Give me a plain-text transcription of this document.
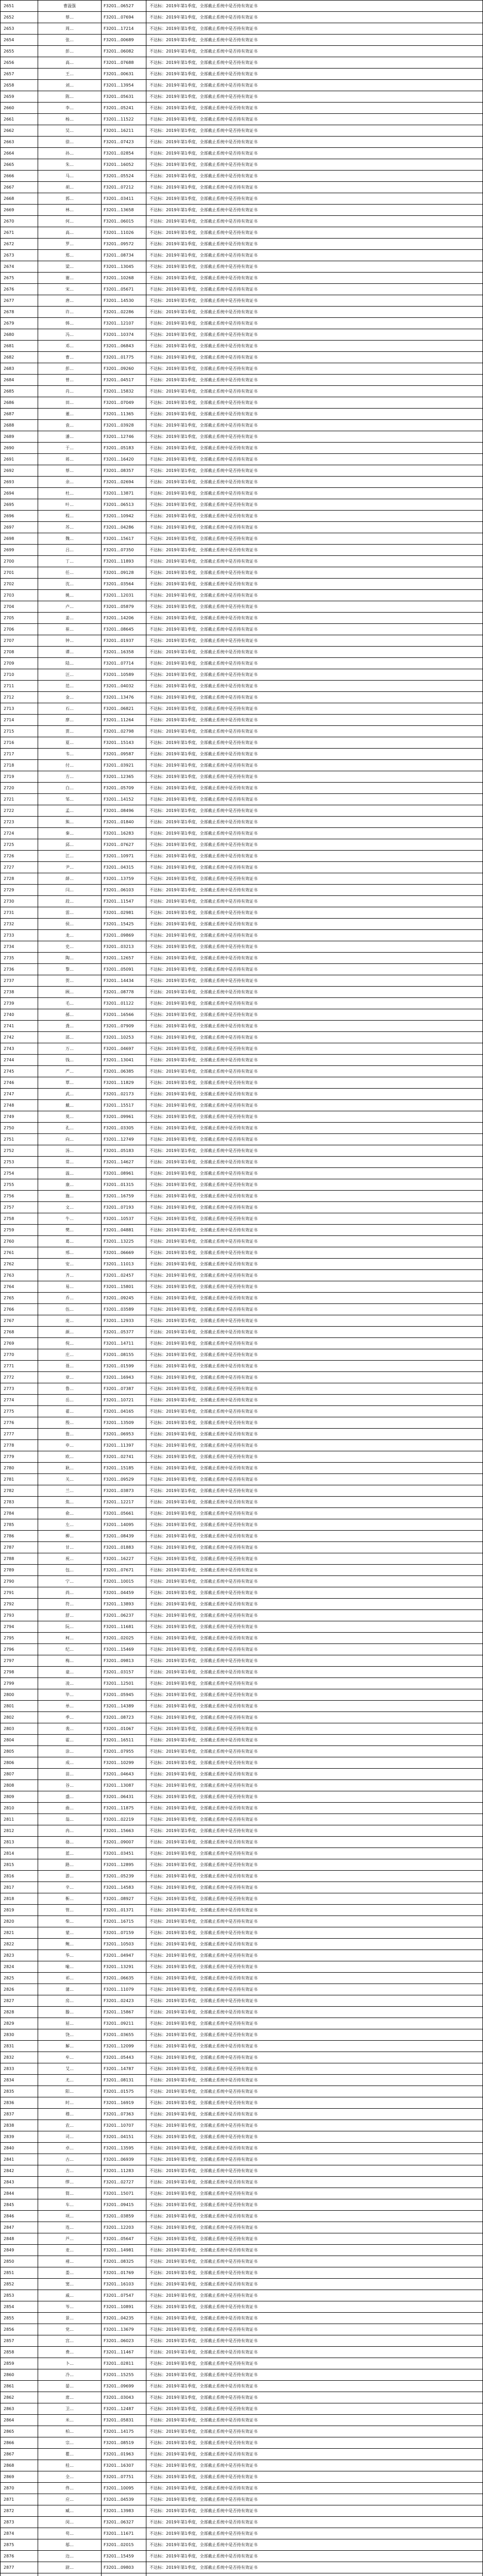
2651	曹温强	F3201…06527	不达标：2019年第1季度，全部截止系统中是否持有效证书
2652	蔡…	F3201…07694	不达标：2019年第1季度，全部截止系统中是否持有效证书
2653	周…	F3201…17214	不达标：2019年第1季度，全部截止系统中是否持有效证书
2654	张…	F3201…00689	不达标：2019年第1季度，全部截止系统中是否持有效证书
2655	彭…	F3201…06082	不达标：2019年第1季度，全部截止系统中是否持有效证书
2656	高…	F3201…07688	不达标：2019年第1季度，全部截止系统中是否持有效证书
2657	王…	F3201…00631	不达标：2019年第1季度，全部截止系统中是否持有效证书
2658	刘…	F3201…13954	不达标：2019年第1季度，全部截止系统中是否持有效证书
2659	陈…	F3201…05631	不达标：2019年第1季度，全部截止系统中是否持有效证书
2660	李…	F3201…05241	不达标：2019年第1季度，全部截止系统中是否持有效证书
2661	杨…	F3201…11522	不达标：2019年第1季度，全部截止系统中是否持有效证书
2662	吴…	F3201…16211	不达标：2019年第1季度，全部截止系统中是否持有效证书
2663	徐…	F3201…07423	不达标：2019年第1季度，全部截止系统中是否持有效证书
2664	孙…	F3201…02854	不达标：2019年第1季度，全部截止系统中是否持有效证书
2665	朱…	F3201…16052	不达标：2019年第1季度，全部截止系统中是否持有效证书
2666	马…	F3201…05524	不达标：2019年第1季度，全部截止系统中是否持有效证书
2667	胡…	F3201…07212	不达标：2019年第1季度，全部截止系统中是否持有效证书
2668	郭…	F3201…03411	不达标：2019年第1季度，全部截止系统中是否持有效证书
2669	林…	F3201…13658	不达标：2019年第1季度，全部截止系统中是否持有效证书
2670	何…	F3201…06015	不达标：2019年第1季度，全部截止系统中是否持有效证书
2671	高…	F3201…11026	不达标：2019年第1季度，全部截止系统中是否持有效证书
2672	罗…	F3201…09572	不达标：2019年第1季度，全部截止系统中是否持有效证书
2673	郑…	F3201…08734	不达标：2019年第1季度，全部截止系统中是否持有效证书
2674	梁…	F3201…13045	不达标：2019年第1季度，全部截止系统中是否持有效证书
2675	谢…	F3201…10268	不达标：2019年第1季度，全部截止系统中是否持有效证书
2676	宋…	F3201…05671	不达标：2019年第1季度，全部截止系统中是否持有效证书
2677	唐…	F3201…14530	不达标：2019年第1季度，全部截止系统中是否持有效证书
2678	许…	F3201…02286	不达标：2019年第1季度，全部截止系统中是否持有效证书
2679	韩…	F3201…12107	不达标：2019年第1季度，全部截止系统中是否持有效证书
2680	冯…	F3201…10374	不达标：2019年第1季度，全部截止系统中是否持有效证书
2681	邓…	F3201…06843	不达标：2019年第1季度，全部截止系统中是否持有效证书
2682	曹…	F3201…01775	不达标：2019年第1季度，全部截止系统中是否持有效证书
2683	彭…	F3201…09260	不达标：2019年第1季度，全部截止系统中是否持有效证书
2684	曾…	F3201…04517	不达标：2019年第1季度，全部截止系统中是否持有效证书
2685	肖…	F3201…15832	不达标：2019年第1季度，全部截止系统中是否持有效证书
2686	田…	F3201…07049	不达标：2019年第1季度，全部截止系统中是否持有效证书
2687	董…	F3201…11365	不达标：2019年第1季度，全部截止系统中是否持有效证书
2688	袁…	F3201…03928	不达标：2019年第1季度，全部截止系统中是否持有效证书
2689	潘…	F3201…12746	不达标：2019年第1季度，全部截止系统中是否持有效证书
2690	于…	F3201…05183	不达标：2019年第1季度，全部截止系统中是否持有效证书
2691	蒋…	F3201…16420	不达标：2019年第1季度，全部截止系统中是否持有效证书
2692	蔡…	F3201…08357	不达标：2019年第1季度，全部截止系统中是否持有效证书
2693	余…	F3201…02694	不达标：2019年第1季度，全部截止系统中是否持有效证书
2694	杜…	F3201…13871	不达标：2019年第1季度，全部截止系统中是否持有效证书
2695	叶…	F3201…06513	不达标：2019年第1季度，全部截止系统中是否持有效证书
2696	程…	F3201…10942	不达标：2019年第1季度，全部截止系统中是否持有效证书
2697	苏…	F3201…04286	不达标：2019年第1季度，全部截止系统中是否持有效证书
2698	魏…	F3201…15617	不达标：2019年第1季度，全部截止系统中是否持有效证书
2699	吕…	F3201…07350	不达标：2019年第1季度，全部截止系统中是否持有效证书
2700	丁…	F3201…11893	不达标：2019年第1季度，全部截止系统中是否持有效证书
2701	任…	F3201…09128	不达标：2019年第1季度，全部截止系统中是否持有效证书
2702	沈…	F3201…03564	不达标：2019年第1季度，全部截止系统中是否持有效证书
2703	姚…	F3201…12031	不达标：2019年第1季度，全部截止系统中是否持有效证书
2704	卢…	F3201…05879	不达标：2019年第1季度，全部截止系统中是否持有效证书
2705	姜…	F3201…14206	不达标：2019年第1季度，全部截止系统中是否持有效证书
2706	崔…	F3201…08645	不达标：2019年第1季度，全部截止系统中是否持有效证书
2707	钟…	F3201…01937	不达标：2019年第1季度，全部截止系统中是否持有效证书
2708	谭…	F3201…16358	不达标：2019年第1季度，全部截止系统中是否持有效证书
2709	陆…	F3201…07714	不达标：2019年第1季度，全部截止系统中是否持有效证书
2710	汪…	F3201…10589	不达标：2019年第1季度，全部截止系统中是否持有效证书
2711	范…	F3201…04032	不达标：2019年第1季度，全部截止系统中是否持有效证书
2712	金…	F3201…13476	不达标：2019年第1季度，全部截止系统中是否持有效证书
2713	石…	F3201…06821	不达标：2019年第1季度，全部截止系统中是否持有效证书
2714	廖…	F3201…11264	不达标：2019年第1季度，全部截止系统中是否持有效证书
2715	贾…	F3201…02798	不达标：2019年第1季度，全部截止系统中是否持有效证书
2716	夏…	F3201…15143	不达标：2019年第1季度，全部截止系统中是否持有效证书
2717	韦…	F3201…09587	不达标：2019年第1季度，全部截止系统中是否持有效证书
2718	付…	F3201…03921	不达标：2019年第1季度，全部截止系统中是否持有效证书
2719	方…	F3201…12365	不达标：2019年第1季度，全部截止系统中是否持有效证书
2720	白…	F3201…05709	不达标：2019年第1季度，全部截止系统中是否持有效证书
2721	邹…	F3201…14152	不达标：2019年第1季度，全部截止系统中是否持有效证书
2722	孟…	F3201…08496	不达标：2019年第1季度，全部截止系统中是否持有效证书
2723	熊…	F3201…01840	不达标：2019年第1季度，全部截止系统中是否持有效证书
2724	秦…	F3201…16283	不达标：2019年第1季度，全部截止系统中是否持有效证书
2725	邱…	F3201…07627	不达标：2019年第1季度，全部截止系统中是否持有效证书
2726	江…	F3201…10971	不达标：2019年第1季度，全部截止系统中是否持有效证书
2727	尹…	F3201…04315	不达标：2019年第1季度，全部截止系统中是否持有效证书
2728	薛…	F3201…13759	不达标：2019年第1季度，全部截止系统中是否持有效证书
2729	闫…	F3201…06103	不达标：2019年第1季度，全部截止系统中是否持有效证书
2730	段…	F3201…11547	不达标：2019年第1季度，全部截止系统中是否持有效证书
2731	雷…	F3201…02981	不达标：2019年第1季度，全部截止系统中是否持有效证书
2732	侯…	F3201…15425	不达标：2019年第1季度，全部截止系统中是否持有效证书
2733	龙…	F3201…09869	不达标：2019年第1季度，全部截止系统中是否持有效证书
2734	史…	F3201…03213	不达标：2019年第1季度，全部截止系统中是否持有效证书
2735	陶…	F3201…12657	不达标：2019年第1季度，全部截止系统中是否持有效证书
2736	黎…	F3201…05091	不达标：2019年第1季度，全部截止系统中是否持有效证书
2737	贺…	F3201…14434	不达标：2019年第1季度，全部截止系统中是否持有效证书
2738	顾…	F3201…08778	不达标：2019年第1季度，全部截止系统中是否持有效证书
2739	毛…	F3201…01122	不达标：2019年第1季度，全部截止系统中是否持有效证书
2740	郝…	F3201…16566	不达标：2019年第1季度，全部截止系统中是否持有效证书
2741	龚…	F3201…07909	不达标：2019年第1季度，全部截止系统中是否持有效证书
2742	邵…	F3201…10253	不达标：2019年第1季度，全部截止系统中是否持有效证书
2743	万…	F3201…04697	不达标：2019年第1季度，全部截止系统中是否持有效证书
2744	钱…	F3201…13041	不达标：2019年第1季度，全部截止系统中是否持有效证书
2745	严…	F3201…06385	不达标：2019年第1季度，全部截止系统中是否持有效证书
2746	覃…	F3201…11829	不达标：2019年第1季度，全部截止系统中是否持有效证书
2747	武…	F3201…02173	不达标：2019年第1季度，全部截止系统中是否持有效证书
2748	戴…	F3201…15517	不达标：2019年第1季度，全部截止系统中是否持有效证书
2749	莫…	F3201…09961	不达标：2019年第1季度，全部截止系统中是否持有效证书
2750	孔…	F3201…03305	不达标：2019年第1季度，全部截止系统中是否持有效证书
2751	向…	F3201…12749	不达标：2019年第1季度，全部截止系统中是否持有效证书
2752	汤…	F3201…05183	不达标：2019年第1季度，全部截止系统中是否持有效证书
2753	常…	F3201…14627	不达标：2019年第1季度，全部截止系统中是否持有效证书
2754	温…	F3201…08961	不达标：2019年第1季度，全部截止系统中是否持有效证书
2755	康…	F3201…01315	不达标：2019年第1季度，全部截止系统中是否持有效证书
2756	施…	F3201…16759	不达标：2019年第1季度，全部截止系统中是否持有效证书
2757	文…	F3201…07193	不达标：2019年第1季度，全部截止系统中是否持有效证书
2758	牛…	F3201…10537	不达标：2019年第1季度，全部截止系统中是否持有效证书
2759	樊…	F3201…04881	不达标：2019年第1季度，全部截止系统中是否持有效证书
2760	葛…	F3201…13225	不达标：2019年第1季度，全部截止系统中是否持有效证书
2761	邢…	F3201…06669	不达标：2019年第1季度，全部截止系统中是否持有效证书
2762	安…	F3201…11013	不达标：2019年第1季度，全部截止系统中是否持有效证书
2763	齐…	F3201…02457	不达标：2019年第1季度，全部截止系统中是否持有效证书
2764	易…	F3201…15801	不达标：2019年第1季度，全部截止系统中是否持有效证书
2765	乔…	F3201…09245	不达标：2019年第1季度，全部截止系统中是否持有效证书
2766	伍…	F3201…03589	不达标：2019年第1季度，全部截止系统中是否持有效证书
2767	庞…	F3201…12933	不达标：2019年第1季度，全部截止系统中是否持有效证书
2768	颜…	F3201…05377	不达标：2019年第1季度，全部截止系统中是否持有效证书
2769	倪…	F3201…14711	不达标：2019年第1季度，全部截止系统中是否持有效证书
2770	庄…	F3201…08155	不达标：2019年第1季度，全部截止系统中是否持有效证书
2771	聂…	F3201…01599	不达标：2019年第1季度，全部截止系统中是否持有效证书
2772	章…	F3201…16943	不达标：2019年第1季度，全部截止系统中是否持有效证书
2773	鲁…	F3201…07387	不达标：2019年第1季度，全部截止系统中是否持有效证书
2774	岳…	F3201…10721	不达标：2019年第1季度，全部截止系统中是否持有效证书
2775	翟…	F3201…04165	不达标：2019年第1季度，全部截止系统中是否持有效证书
2776	殷…	F3201…13509	不达标：2019年第1季度，全部截止系统中是否持有效证书
2777	詹…	F3201…06953	不达标：2019年第1季度，全部截止系统中是否持有效证书
2778	申…	F3201…11397	不达标：2019年第1季度，全部截止系统中是否持有效证书
2779	欧…	F3201…02741	不达标：2019年第1季度，全部截止系统中是否持有效证书
2780	耿…	F3201…15185	不达标：2019年第1季度，全部截止系统中是否持有效证书
2781	关…	F3201…09529	不达标：2019年第1季度，全部截止系统中是否持有效证书
2782	兰…	F3201…03873	不达标：2019年第1季度，全部截止系统中是否持有效证书
2783	焦…	F3201…12217	不达标：2019年第1季度，全部截止系统中是否持有效证书
2784	俞…	F3201…05661	不达标：2019年第1季度，全部截止系统中是否持有效证书
2785	左…	F3201…14095	不达标：2019年第1季度，全部截止系统中是否持有效证书
2786	柳…	F3201…08439	不达标：2019年第1季度，全部截止系统中是否持有效证书
2787	甘…	F3201…01883	不达标：2019年第1季度，全部截止系统中是否持有效证书
2788	祝…	F3201…16227	不达标：2019年第1季度，全部截止系统中是否持有效证书
2789	包…	F3201…07671	不达标：2019年第1季度，全部截止系统中是否持有效证书
2790	宁…	F3201…10015	不达标：2019年第1季度，全部截止系统中是否持有效证书
2791	尚…	F3201…04459	不达标：2019年第1季度，全部截止系统中是否持有效证书
2792	符…	F3201…13893	不达标：2019年第1季度，全部截止系统中是否持有效证书
2793	舒…	F3201…06237	不达标：2019年第1季度，全部截止系统中是否持有效证书
2794	阮…	F3201…11681	不达标：2019年第1季度，全部截止系统中是否持有效证书
2795	柯…	F3201…02025	不达标：2019年第1季度，全部截止系统中是否持有效证书
2796	纪…	F3201…15469	不达标：2019年第1季度，全部截止系统中是否持有效证书
2797	梅…	F3201…09813	不达标：2019年第1季度，全部截止系统中是否持有效证书
2798	童…	F3201…03157	不达标：2019年第1季度，全部截止系统中是否持有效证书
2799	凌…	F3201…12501	不达标：2019年第1季度，全部截止系统中是否持有效证书
2800	毕…	F3201…05945	不达标：2019年第1季度，全部截止系统中是否持有效证书
2801	单…	F3201…14389	不达标：2019年第1季度，全部截止系统中是否持有效证书
2802	季…	F3201…08723	不达标：2019年第1季度，全部截止系统中是否持有效证书
2803	裴…	F3201…01067	不达标：2019年第1季度，全部截止系统中是否持有效证书
2804	霍…	F3201…16511	不达标：2019年第1季度，全部截止系统中是否持有效证书
2805	涂…	F3201…07955	不达标：2019年第1季度，全部截止系统中是否持有效证书
2806	成…	F3201…10299	不达标：2019年第1季度，全部截止系统中是否持有效证书
2807	苗…	F3201…04643	不达标：2019年第1季度，全部截止系统中是否持有效证书
2808	谷…	F3201…13087	不达标：2019年第1季度，全部截止系统中是否持有效证书
2809	盛…	F3201…06431	不达标：2019年第1季度，全部截止系统中是否持有效证书
2810	曲…	F3201…11875	不达标：2019年第1季度，全部截止系统中是否持有效证书
2811	翁…	F3201…02219	不达标：2019年第1季度，全部截止系统中是否持有效证书
2812	冉…	F3201…15663	不达标：2019年第1季度，全部截止系统中是否持有效证书
2813	骆…	F3201…09007	不达标：2019年第1季度，全部截止系统中是否持有效证书
2814	蓝…	F3201…03451	不达标：2019年第1季度，全部截止系统中是否持有效证书
2815	路…	F3201…12895	不达标：2019年第1季度，全部截止系统中是否持有效证书
2816	游…	F3201…05239	不达标：2019年第1季度，全部截止系统中是否持有效证书
2817	辛…	F3201…14583	不达标：2019年第1季度，全部截止系统中是否持有效证书
2818	靳…	F3201…08927	不达标：2019年第1季度，全部截止系统中是否持有效证书
2819	管…	F3201…01371	不达标：2019年第1季度，全部截止系统中是否持有效证书
2820	柴…	F3201…16715	不达标：2019年第1季度，全部截止系统中是否持有效证书
2821	蒙…	F3201…07159	不达标：2019年第1季度，全部截止系统中是否持有效证书
2822	鲍…	F3201…10503	不达标：2019年第1季度，全部截止系统中是否持有效证书
2823	华…	F3201…04947	不达标：2019年第1季度，全部截止系统中是否持有效证书
2824	喻…	F3201…13291	不达标：2019年第1季度，全部截止系统中是否持有效证书
2825	祁…	F3201…06635	不达标：2019年第1季度，全部截止系统中是否持有效证书
2826	蒲…	F3201…11079	不达标：2019年第1季度，全部截止系统中是否持有效证书
2827	房…	F3201…02423	不达标：2019年第1季度，全部截止系统中是否持有效证书
2828	滕…	F3201…15867	不达标：2019年第1季度，全部截止系统中是否持有效证书
2829	屈…	F3201…09211	不达标：2019年第1季度，全部截止系统中是否持有效证书
2830	饶…	F3201…03655	不达标：2019年第1季度，全部截止系统中是否持有效证书
2831	解…	F3201…12099	不达标：2019年第1季度，全部截止系统中是否持有效证书
2832	牟…	F3201…05443	不达标：2019年第1季度，全部截止系统中是否持有效证书
2833	艾…	F3201…14787	不达标：2019年第1季度，全部截止系统中是否持有效证书
2834	尤…	F3201…08131	不达标：2019年第1季度，全部截止系统中是否持有效证书
2835	阳…	F3201…01575	不达标：2019年第1季度，全部截止系统中是否持有效证书
2836	时…	F3201…16919	不达标：2019年第1季度，全部截止系统中是否持有效证书
2837	穆…	F3201…07363	不达标：2019年第1季度，全部截止系统中是否持有效证书
2838	农…	F3201…10707	不达标：2019年第1季度，全部截止系统中是否持有效证书
2839	司…	F3201…04151	不达标：2019年第1季度，全部截止系统中是否持有效证书
2840	卓…	F3201…13595	不达标：2019年第1季度，全部截止系统中是否持有效证书
2841	古…	F3201…06939	不达标：2019年第1季度，全部截止系统中是否持有效证书
2842	吉…	F3201…11283	不达标：2019年第1季度，全部截止系统中是否持有效证书
2843	缪…	F3201…02727	不达标：2019年第1季度，全部截止系统中是否持有效证书
2844	简…	F3201…15071	不达标：2019年第1季度，全部截止系统中是否持有效证书
2845	车…	F3201…09415	不达标：2019年第1季度，全部截止系统中是否持有效证书
2846	项…	F3201…03859	不达标：2019年第1季度，全部截止系统中是否持有效证书
2847	连…	F3201…12203	不达标：2019年第1季度，全部截止系统中是否持有效证书
2848	芦…	F3201…05647	不达标：2019年第1季度，全部截止系统中是否持有效证书
2849	麦…	F3201…14981	不达标：2019年第1季度，全部截止系统中是否持有效证书
2850	褚…	F3201…08325	不达标：2019年第1季度，全部截止系统中是否持有效证书
2851	娄…	F3201…01769	不达标：2019年第1季度，全部截止系统中是否持有效证书
2852	窦…	F3201…16103	不达标：2019年第1季度，全部截止系统中是否持有效证书
2853	戚…	F3201…07547	不达标：2019年第1季度，全部截止系统中是否持有效证书
2854	岑…	F3201…10891	不达标：2019年第1季度，全部截止系统中是否持有效证书
2855	景…	F3201…04235	不达标：2019年第1季度，全部截止系统中是否持有效证书
2856	党…	F3201…13679	不达标：2019年第1季度，全部截止系统中是否持有效证书
2857	宫…	F3201…06023	不达标：2019年第1季度，全部截止系统中是否持有效证书
2858	费…	F3201…11467	不达标：2019年第1季度，全部截止系统中是否持有效证书
2859	卜…	F3201…02811	不达标：2019年第1季度，全部截止系统中是否持有效证书
2860	冷…	F3201…15255	不达标：2019年第1季度，全部截止系统中是否持有效证书
2861	晏…	F3201…09699	不达标：2019年第1季度，全部截止系统中是否持有效证书
2862	席…	F3201…03043	不达标：2019年第1季度，全部截止系统中是否持有效证书
2863	卫…	F3201…12487	不达标：2019年第1季度，全部截止系统中是否持有效证书
2864	米…	F3201…05831	不达标：2019年第1季度，全部截止系统中是否持有效证书
2865	柏…	F3201…14175	不达标：2019年第1季度，全部截止系统中是否持有效证书
2866	宗…	F3201…08519	不达标：2019年第1季度，全部截止系统中是否持有效证书
2867	瞿…	F3201…01963	不达标：2019年第1季度，全部截止系统中是否持有效证书
2868	桂…	F3201…16307	不达标：2019年第1季度，全部截止系统中是否持有效证书
2869	全…	F3201…07751	不达标：2019年第1季度，全部截止系统中是否持有效证书
2870	佟…	F3201…10095	不达标：2019年第1季度，全部截止系统中是否持有效证书
2871	应…	F3201…04539	不达标：2019年第1季度，全部截止系统中是否持有效证书
2872	臧…	F3201…13983	不达标：2019年第1季度，全部截止系统中是否持有效证书
2873	闵…	F3201…06327	不达标：2019年第1季度，全部截止系统中是否持有效证书
2874	苟…	F3201…11671	不达标：2019年第1季度，全部截止系统中是否持有效证书
2875	邬…	F3201…02015	不达标：2019年第1季度，全部截止系统中是否持有效证书
2876	边…	F3201…15459	不达标：2019年第1季度，全部截止系统中是否持有效证书
2877	尉…	F3201…09803	不达标：2019年第1季度，全部截止系统中是否持有效证书
